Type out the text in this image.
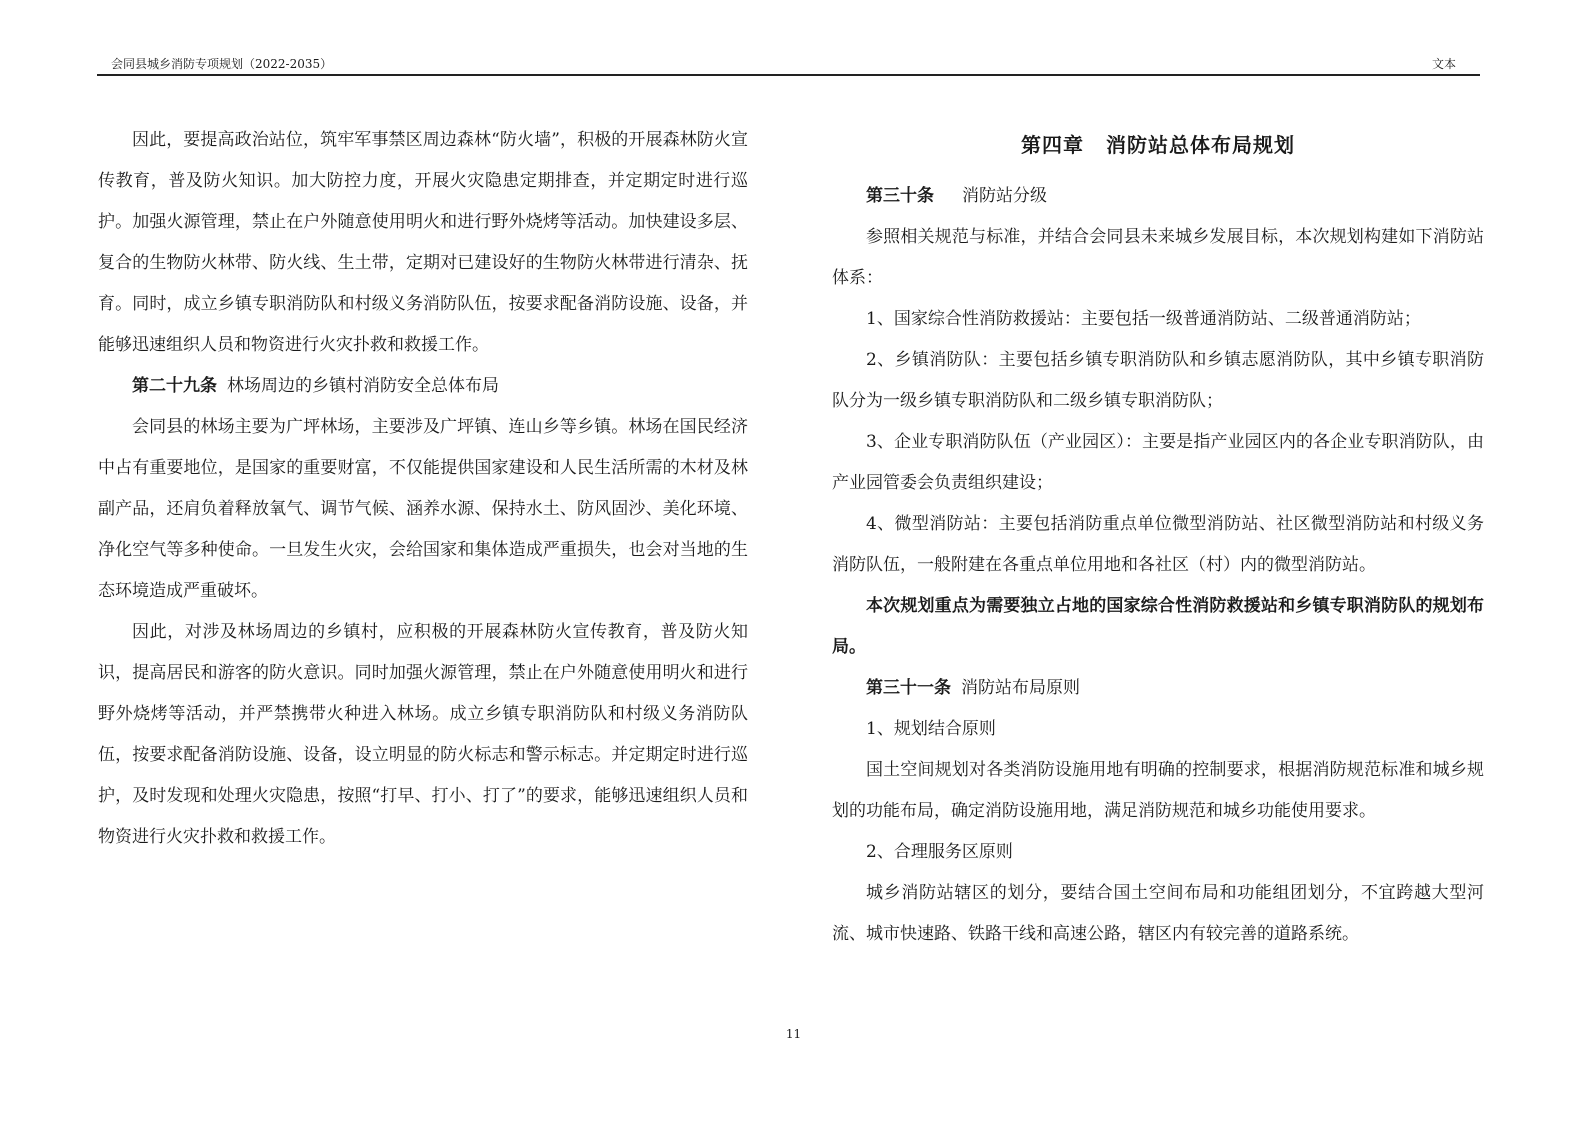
会同县城乡消防专项规划（2022-2035）	文本

因此，要提高政治站位，筑牢军事禁区周边森林“防火墙”，积极的开展森林防火宣传教育，普及防火知识。加大防控力度，开展火灾隐患定期排查，并定期定时进行巡护。加强火源管理，禁止在户外随意使用明火和进行野外烧烤等活动。加快建设多层、复合的生物防火林带、防火线、生土带，定期对已建设好的生物防火林带进行清杂、抚育。同时，成立乡镇专职消防队和村级义务消防队伍，按要求配备消防设施、设备，并能够迅速组织人员和物资进行火灾扑救和救援工作。

第二十九条 林场周边的乡镇村消防安全总体布局

会同县的林场主要为广坪林场，主要涉及广坪镇、连山乡等乡镇。林场在国民经济中占有重要地位，是国家的重要财富，不仅能提供国家建设和人民生活所需的木材及林副产品，还肩负着释放氧气、调节气候、涵养水源、保持水土、防风固沙、美化环境、净化空气等多种使命。一旦发生火灾，会给国家和集体造成严重损失，也会对当地的生态环境造成严重破坏。

因此，对涉及林场周边的乡镇村，应积极的开展森林防火宣传教育，普及防火知识，提高居民和游客的防火意识。同时加强火源管理，禁止在户外随意使用明火和进行野外烧烤等活动，并严禁携带火种进入林场。成立乡镇专职消防队和村级义务消防队伍，按要求配备消防设施、设备，设立明显的防火标志和警示标志。并定期定时进行巡护，及时发现和处理火灾隐患，按照“打早、打小、打了”的要求，能够迅速组织人员和物资进行火灾扑救和救援工作。

第四章 消防站总体布局规划

第三十条 消防站分级

参照相关规范与标准，并结合会同县未来城乡发展目标，本次规划构建如下消防站体系：

1、国家综合性消防救援站：主要包括一级普通消防站、二级普通消防站；

2、乡镇消防队：主要包括乡镇专职消防队和乡镇志愿消防队，其中乡镇专职消防队分为一级乡镇专职消防队和二级乡镇专职消防队；

3、企业专职消防队伍（产业园区）：主要是指产业园区内的各企业专职消防队，由产业园管委会负责组织建设；

4、微型消防站：主要包括消防重点单位微型消防站、社区微型消防站和村级义务消防队伍，一般附建在各重点单位用地和各社区（村）内的微型消防站。

本次规划重点为需要独立占地的国家综合性消防救援站和乡镇专职消防队的规划布局。

第三十一条 消防站布局原则

1、规划结合原则

国土空间规划对各类消防设施用地有明确的控制要求，根据消防规范标准和城乡规划的功能布局，确定消防设施用地，满足消防规范和城乡功能使用要求。

2、合理服务区原则

城乡消防站辖区的划分，要结合国土空间布局和功能组团划分，不宜跨越大型河流、城市快速路、铁路干线和高速公路，辖区内有较完善的道路系统。

11
